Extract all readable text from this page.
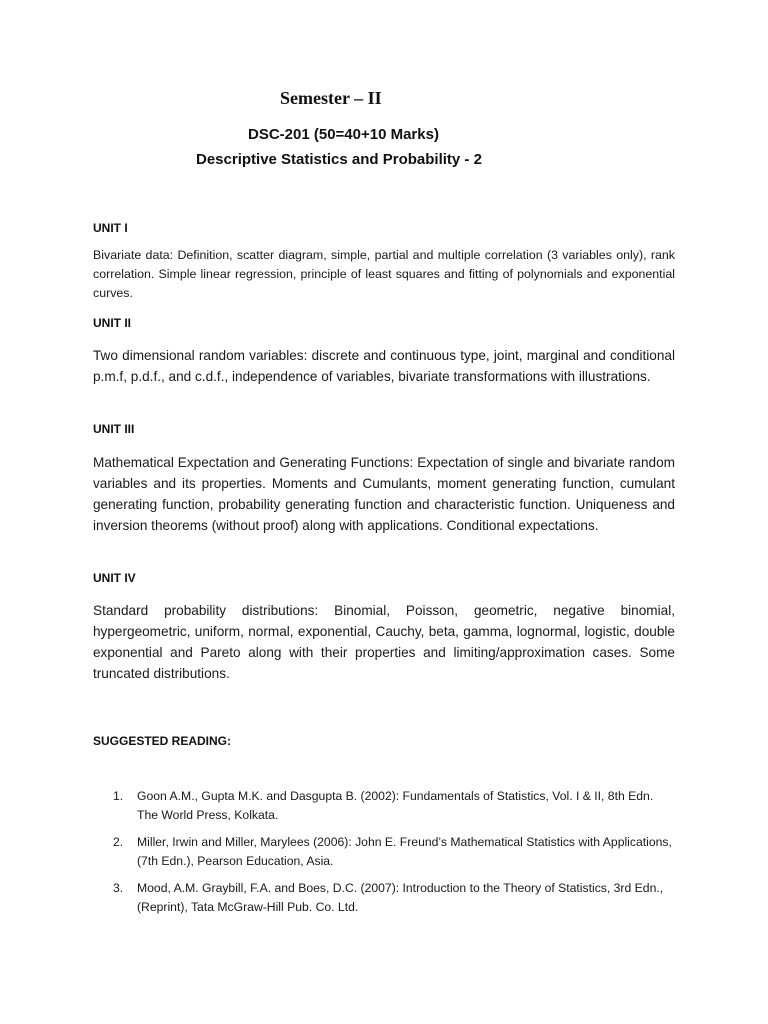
Semester – II
DSC-201 (50=40+10 Marks)
Descriptive Statistics and Probability - 2
UNIT I
Bivariate data: Definition, scatter diagram, simple, partial and multiple correlation (3 variables only), rank correlation. Simple linear regression, principle of least squares and fitting of polynomials and exponential curves.
UNIT II
Two dimensional random variables: discrete and continuous type, joint, marginal and conditional p.m.f, p.d.f., and c.d.f., independence of variables, bivariate transformations with illustrations.
UNIT III
Mathematical Expectation and Generating Functions: Expectation of single and bivariate random variables and its properties. Moments and Cumulants, moment generating function, cumulant generating function, probability generating function and characteristic function. Uniqueness and inversion theorems (without proof) along with applications. Conditional expectations.
UNIT IV
Standard probability distributions: Binomial, Poisson, geometric, negative binomial, hypergeometric, uniform, normal, exponential, Cauchy, beta, gamma, lognormal, logistic, double exponential and Pareto along with their properties and limiting/approximation cases. Some truncated distributions.
SUGGESTED READING:
1. Goon A.M., Gupta M.K. and Dasgupta B. (2002): Fundamentals of Statistics, Vol. I & II, 8th Edn. The World Press, Kolkata.
2. Miller, Irwin and Miller, Marylees (2006): John E. Freund’s Mathematical Statistics with Applications, (7th Edn.), Pearson Education, Asia.
3. Mood, A.M. Graybill, F.A. and Boes, D.C. (2007): Introduction to the Theory of Statistics, 3rd Edn., (Reprint), Tata McGraw-Hill Pub. Co. Ltd.
